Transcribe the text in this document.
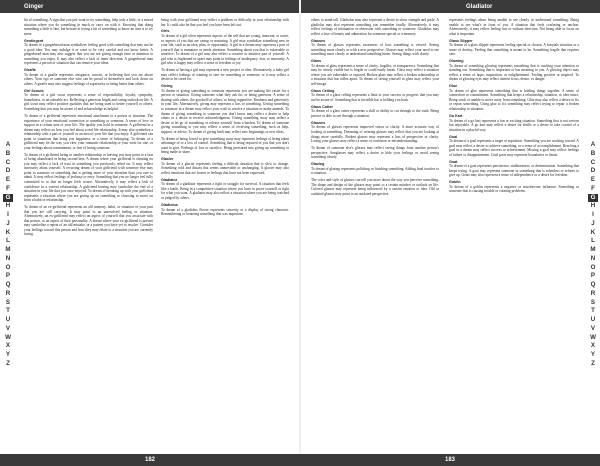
Ginger	Gladiator

bit of something. A sign that you just want to try something, help only a little, or a mixed situation where you do something in much or carry on with it. Knowing that doing something a little is fine, but beware at trying a bit of something to know an area is to try more.

Gentlegent
To dream of a gingerbread man symbolizes feeling good with something that may not be a good idea. You may indulge it or want to be very careful and not know better. A gingerbread man may also suggest that you are not giving enough time or attention to something you enjoy. It may also reflect a lack of inner direction. A gingerbread man represents a person or situation that can remove your ideas.

Giraffe
To dream of a giraffe represents arrogance, conceit, or believing that you are above others. Your ego or someone else who can be proud of themselves and look down on others. A giraffe may also suggest feelings of superiority or being better than others.

Girl Scouts
To dream of a girl scout represents a sense of responsibility, loyalty, sympathy, homeliness, or an adorable act. Reflecting a generous bright and caring outlook on life. A girl scout may reflect positive qualities that are being used to better yourself or others. Something that you may be aware of and acknowledge as helpful.

To dream of a girlfriend represents emotional attachment to a person or situation. The experience of your emotional connection to something or someone. A sense of love or support in a certain area of your life. The quality you hold in someone. A girlfriend in a dream may reflect on how you feel about a real life relationship. It may also symbolize a relationship with a part of yourself or an area of your life that you enjoy. A girlfriend can point to situations that bring you happiness, or a sense of belonging. To dream of a girlfriend may be the way you view your romantic relationship or your wish for one, or your feelings about commitment, or fear of losing someone.

To dream of a girlfriend being in another relationship or leaving you may point to a fear of being abandoned or being second best. A dream where your girlfriend is cheating on you may reflect a lack of trust in something you previously relied on. It may reflect insecurity about yourself. A recurring dream of your girlfriend with someone else may point to someone or something that is getting more of your attention than you care to admit. It may reflect feelings of jealousy or envy. Something that you no longer feel fully committed to or that no longer feels secure. Alternatively, it may reflect a lack of confidence in a current relationship. A girlfriend leaving may symbolize the end of a situation in your life that you once enjoyed. To dream of breaking up with your girlfriend represents a situation where you are giving up on something or choosing to move on from a habit or relationship.

To dream of an ex-girlfriend represents an old memory, habit, or situation of your past that you are still carrying. It may point to an unresolved feeling or situation. Alternatively, an ex-girlfriend may reflect an aspect of yourself that you associate with that person, or an aspect of their personality. A dream where your ex-girlfriend is present may symbolize a repeat of an old mistake, or a pattern you have yet to resolve. Consider your feelings toward this person and how they may relate to a situation you are currently facing.

being with your girlfriend may reflect a problem or difficulty in your relationship with her. It could also be that you feel you have been left out.

Girls
To dream of a girl often represents aspects of the self that are young, innocent, or naive, or aspects of you that are caring or nurturing. A girl may symbolize something new in your life, such as an idea, plan, or opportunity. A girl in a dream may represent a part of yourself that is immature or needs attention. Something about you that is vulnerable or sensitive. To dream of a girl may also reflect a creative or intuitive part of yourself. A girl who is frightened or upset may point to feelings of inadequacy, fear, or insecurity. A girl who is happy may reflect a sense of freedom or joy.

To dream of having a girl may represent a new project or idea. Alternatively, a baby girl may reflect feelings of wanting to care for something or someone, or it may reflect a desire to be cared for.

Giving
To dream of giving something to someone represents you are making life easier for a person or situation. Giving someone what they ask for, or being generous. A sense of sharing with others, the goodwill of others, or being supportive. Kindness and generosity in your life. Alternatively, giving may represent a loss of something. Giving something to someone in a dream may reflect your wish to resolve a situation or make amends. To dream of giving something to someone you don't know may reflect a desire to help others or a desire to receive acknowledgment. Giving something away may reflect a desire to let go of something or release yourself from a burden. To dream of someone giving something to you may reflect a sense of receiving something, such as help, support, or advice. To dream of giving birth may reflect new beginnings or new ideas.

To dream of being forced to give something away may represent feelings of being taken advantage of or a loss of control. Something that is being required of you that you don't want to give. Feelings of loss or sacrifice. Being pressured into giving up something or being made to share.

Glacier
To dream of a glacier represents feeling a difficult situation that is slow to change. Something cold and distant that seems unmovable or unchanging. A glacier may also reflect emotions that are frozen or feelings that have not been expressed.

Gladiator
To dream of a gladiator represents a fight or struggle for survival. A situation that feels like a battle. Being in a competitive situation where you have to prove yourself or fight for what you want. A gladiator may also reflect a situation where you are being watched or judged by others.

Gladiolus
To dream of a gladiolus flower represents sincerity or a display of strong character. Remembering or honoring something that was important.

others to stand tall. Gladiolus may also represent a desire to show strength and pride. A gladiolus may also represent something you remember fondly. Alternatively, it may reflect feelings of infatuation or obsession with something or someone. Gladiolus may reflect a love of beauty and admiration for someone special or a memory.

Glasses
To dream of glasses represents awareness of how something is viewed. Seeing something more clearly or with a new perspective. Glasses may reflect your need to see something more clearly or understand something better. Seeing things with clarity.

Glass
To dream of glass represents a sense of clarity, fragility, or transparency. Something that may be clearly visible but is fragile or could easily break. Glass may reflect a situation where you are vulnerable or exposed. Broken glass may reflect a broken relationship or a situation that has fallen apart. To dream of seeing yourself in glass may reflect your self-image.

Glass Ceiling
To dream of a glass ceiling represents a limit to your success or progress that you may not be aware of. Something that is invisible but is holding you back.

Glass Cutter
To dream of a glass cutter represents a skill or ability to cut through to the truth. Being precise or able to see through a situation.

Glasses
To dream of glasses represents improved vision or clarity. A more accurate way of looking at something. Dreaming of wearing glasses may reflect that you are looking at things more carefully. Broken glasses may represent a loss of perspective or clarity. Losing your glasses may reflect a sense of confusion or misunderstanding.

To dream of someone else's glasses may reflect seeing things from another person's perspective. Sunglasses may reflect a desire to hide your feelings or avoid seeing something clearly.

Glazing
To dream of glazing represents polishing or finishing something. Adding final touches to a situation.

The color and style of glasses can tell you more about the way you perceive something. The shape and design of the glasses may point to a certain mindset or outlook on life. Colored glasses may represent being influenced by a certain emotion or idea. Old or outdated glasses may point to an outdated perspective.

represents feelings about being unable to see clearly or understand something. Being unable to see what's in front of you. A situation that feels confusing or unclear. Alternatively, it may reflect feeling lost or without direction. Not being able to focus on what is important.

Glass Slipper
To dream of a glass slipper represents feeling special or chosen. A fairytale situation or a sense of destiny. Feeling that something is meant to be. Something fragile that requires care.

Glowing
To dream of something glowing represents something that is catching your attention or standing out. Something that is important or has meaning to you. A glowing object may reflect a sense of hope, inspiration, or enlightenment. Feeling positive or inspired. To dream of glowing eyes may reflect intense focus, desire, or danger.

Glue
To dream of glue represents something that is holding things together. A sense of connection or commitment. Something that keeps a relationship, situation, or idea intact. Being stuck or unable to move away from something. Glue may also reflect a desire to fix or repair something. Using glue to fix something may reflect trying to repair a broken relationship or situation.

Go Kart
To dream of a go kart represents a fun or exciting situation. Something that is not serious but enjoyable. A go kart may reflect a desire for thrills or a desire to take control of a situation in a playful way.

Goal
To dream of a goal represents a target or aspiration. Something you are working toward. A goal may reflect a desire to achieve something, or a sense of accomplishment. Reaching a goal in a dream may reflect success or achievement. Missing a goal may reflect feelings of failure or disappointment. Goal posts may represent boundaries or limits.

Goat
To dream of a goat represents persistence, stubbornness, or determination. Something that keeps trying. A goat may represent someone or something that is relentless or refuses to give up. Goats may also represent a sense of independence or a desire for freedom.

Goblin
To dream of a goblin represents a negative or mischievous influence. Something or someone that is causing trouble or creating problems.

A
B
C
D
E
F
G
H
I
J
K
L
M
N
O
P
Q
R
S
T
U
V
W
X
Y
Z
A
B
C
D
E
F
G
H
I
J
K
L
M
N
O
P
Q
R
S
T
U
V
W
X
Y
Z
182	183
